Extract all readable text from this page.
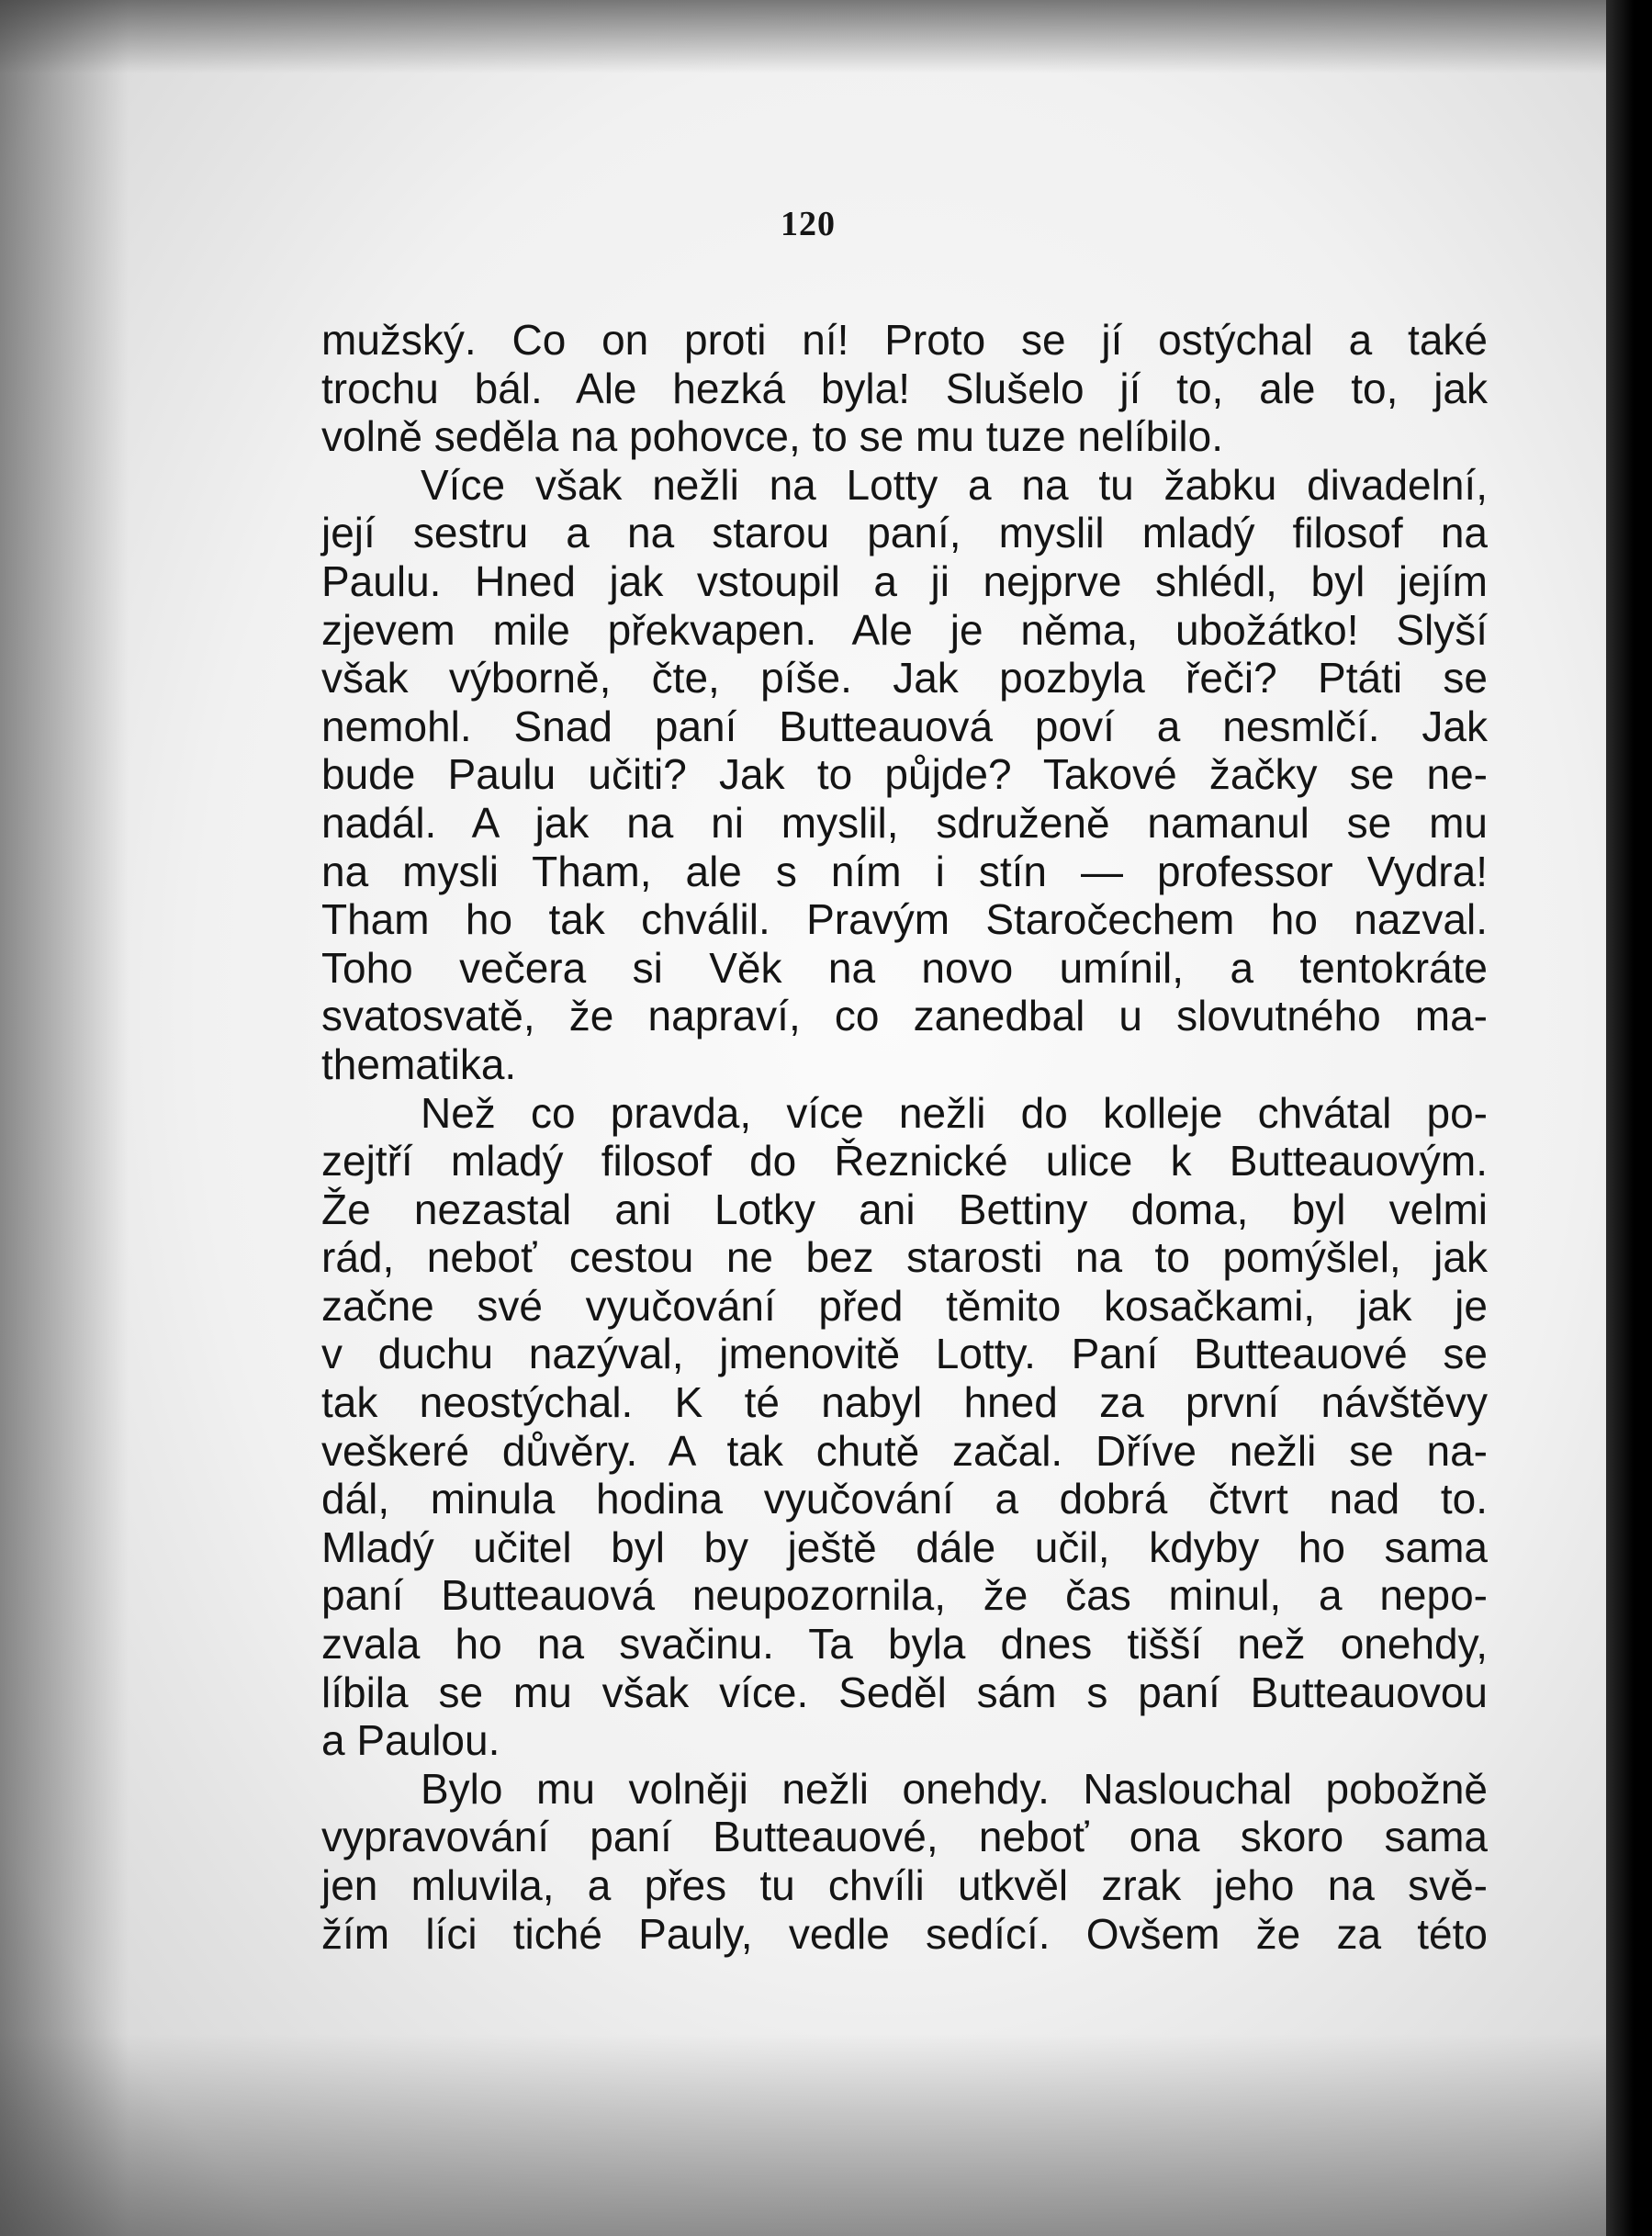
120
mužský. Co on proti ní! Proto se jí ostýchal a také
trochu bál. Ale hezká byla! Slušelo jí to, ale to, jak
volně seděla na pohovce, to se mu tuze nelíbilo.
Více však nežli na Lotty a na tu žabku divadelní,
její sestru a na starou paní, myslil mladý filosof na
Paulu. Hned jak vstoupil a ji nejprve shlédl, byl jejím
zjevem mile překvapen. Ale je něma, ubožátko! Slyší
však výborně, čte, píše. Jak pozbyla řeči? Ptáti se
nemohl. Snad paní Butteauová poví a nesmlčí. Jak
bude Paulu učiti? Jak to půjde? Takové žačky se ne-
nadál. A jak na ni myslil, sdruženě namanul se mu
na mysli Tham, ale s ním i stín — professor Vydra!
Tham ho tak chválil. Pravým Staročechem ho nazval.
Toho večera si Věk na novo umínil, a tentokráte
svatosvatě, že napraví, co zanedbal u slovutného ma-
thematika.
Než co pravda, více nežli do kolleje chvátal po-
zejtří mladý filosof do Řeznické ulice k Butteauovým.
Že nezastal ani Lotky ani Bettiny doma, byl velmi
rád, neboť cestou ne bez starosti na to pomýšlel, jak
začne své vyučování před těmito kosačkami, jak je
v duchu nazýval, jmenovitě Lotty. Paní Butteauové se
tak neostýchal. K té nabyl hned za první návštěvy
veškeré důvěry. A tak chutě začal. Dříve nežli se na-
dál, minula hodina vyučování a dobrá čtvrt nad to.
Mladý učitel byl by ještě dále učil, kdyby ho sama
paní Butteauová neupozornila, že čas minul, a nepo-
zvala ho na svačinu. Ta byla dnes tišší než onehdy,
líbila se mu však více. Seděl sám s paní Butteauovou
a Paulou.
Bylo mu volněji nežli onehdy. Naslouchal pobožně
vypravování paní Butteauové, neboť ona skoro sama
jen mluvila, a přes tu chvíli utkvěl zrak jeho na svě-
žím líci tiché Pauly, vedle sedící. Ovšem že za této
